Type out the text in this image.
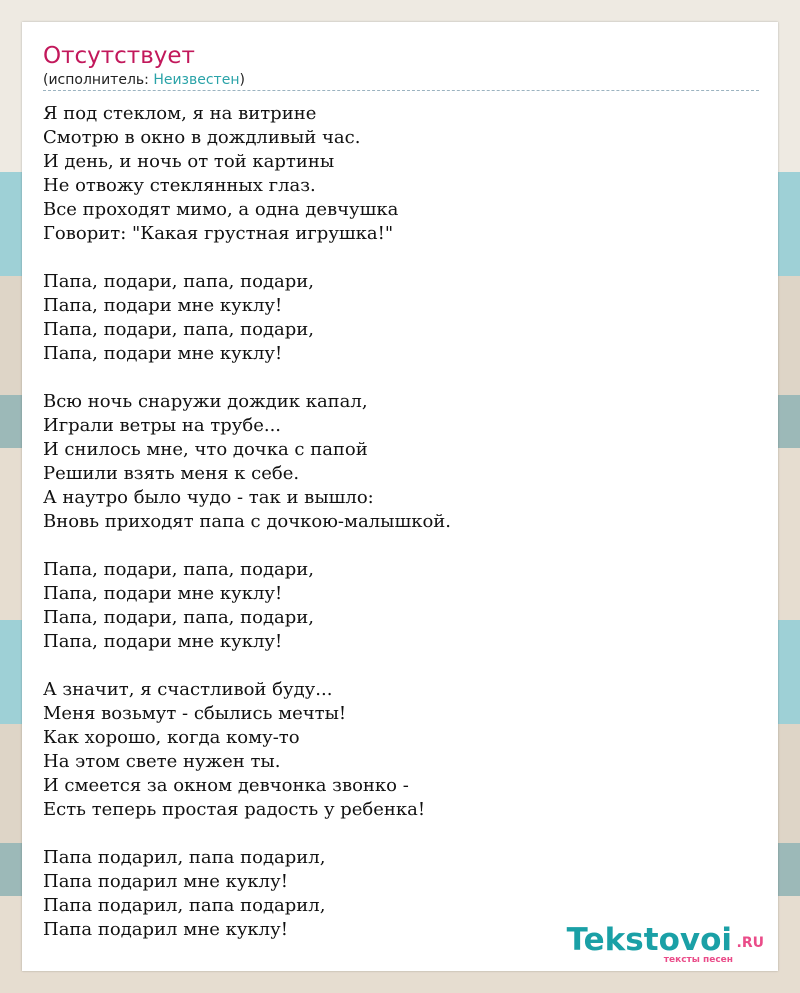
Отсутствует
(исполнитель: Неизвестен)
Я под стеклом, я на витрине
Смотрю в окно в дождливый час.
И день, и ночь от той картины
Не отвожу стеклянных глаз.
Все проходят мимо, а одна девчушка
Говорит: "Какая грустная игрушка!"
Папа, подари, папа, подари,
Папа, подари мне куклу!
Папа, подари, папа, подари,
Папа, подари мне куклу!
Всю ночь снаружи дождик капал,
Играли ветры на трубе...
И снилось мне, что дочка с папой
Решили взять меня к себе.
А наутро было чудо - так и вышло:
Вновь приходят папа с дочкою-малышкой.
Папа, подари, папа, подари,
Папа, подари мне куклу!
Папа, подари, папа, подари,
Папа, подари мне куклу!
А значит, я счастливой буду...
Меня возьмут - сбылись мечты!
Как хорошо, когда кому-то
На этом свете нужен ты.
И смеется за окном девчонка звонко -
Есть теперь простая радость у ребенка!
Папа подарил, папа подарил,
Папа подарил мне куклу!
Папа подарил, папа подарил,
Папа подарил мне куклу!	Tekstovoi .RU
тексты песен
